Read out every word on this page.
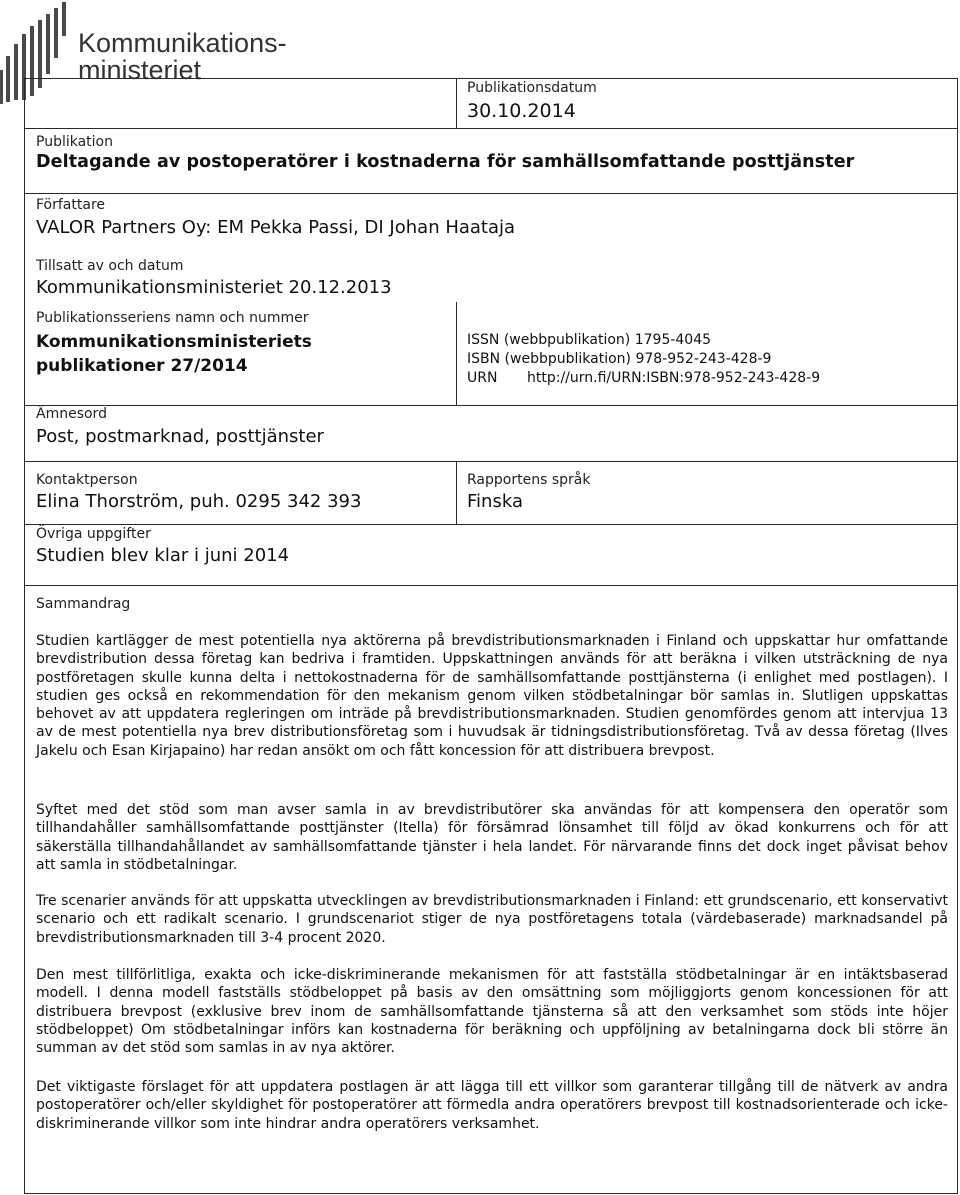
Kommunikations-
ministeriet
Publikationsdatum
30.10.2014
Publikation
Deltagande av postoperatörer i kostnaderna för samhällsomfattande posttjänster
Författare
VALOR Partners Oy: EM Pekka Passi, DI Johan Haataja
Tillsatt av och datum
Kommunikationsministeriet 20.12.2013
Publikationsseriens namn och nummer
Kommunikationsministeriets
publikationer 27/2014
ISSN (webbpublikation) 1795-4045
ISBN (webbpublikation) 978-952-243-428-9
URN http://urn.fi/URN:ISBN:978-952-243-428-9
Ämnesord
Post, postmarknad, posttjänster
Kontaktperson
Elina Thorström, puh. 0295 342 393
Rapportens språk
Finska
Övriga uppgifter
Studien blev klar i juni 2014
Sammandrag

Studien kartlägger de mest potentiella nya aktörerna på brevdistributionsmarknaden i Finland och uppskattar hur omfattande brevdistribution dessa företag kan bedriva i framtiden. Uppskattningen används för att beräkna i vilken utsträckning de nya postföretagen skulle kunna delta i nettokostnaderna för de samhällsomfattande posttjänsterna (i enlighet med postlagen). I studien ges också en rekommendation för den mekanism genom vilken stödbetalningar bör samlas in. Slutligen uppskattas behovet av att uppdatera regleringen om inträde på brevdistributionsmarknaden. Studien genomfördes genom att intervjua 13 av de mest potentiella nya brev distributionsföretag som i huvudsak är tidningsdistributionsföretag. Två av dessa företag (Ilves Jakelu och Esan Kirjapaino) har redan ansökt om och fått koncession för att distribuera brevpost.

Syftet med det stöd som man avser samla in av brevdistributörer ska användas för att kompensera den operatör som tillhandahåller samhällsomfattande posttjänster (Itella) för försämrad lönsamhet till följd av ökad konkurrens och för att säkerställa tillhandahållandet av samhällsomfattande tjänster i hela landet. För närvarande finns det dock inget påvisat behov att samla in stödbetalningar.

Tre scenarier används för att uppskatta utvecklingen av brevdistributionsmarknaden i Finland: ett grundscenario, ett konservativt scenario och ett radikalt scenario. I grundscenariot stiger de nya postföretagens totala (värdebaserade) marknadsandel på brevdistributionsmarknaden till 3-4 procent 2020.

Den mest tillförlitliga, exakta och icke-diskriminerande mekanismen för att fastställa stödbetalningar är en intäktsbaserad modell. I denna modell fastställs stödbeloppet på basis av den omsättning som möjliggjorts genom koncessionen för att distribuera brevpost (exklusive brev inom de samhällsomfattande tjänsterna så att den verksamhet som stöds inte höjer stödbeloppet) Om stödbetalningar införs kan kostnaderna för beräkning och uppföljning av betalningarna dock bli större än summan av det stöd som samlas in av nya aktörer.

Det viktigaste förslaget för att uppdatera postlagen är att lägga till ett villkor som garanterar tillgång till de nätverk av andra postoperatörer och/eller skyldighet för postoperatörer att förmedla andra operatörers brevpost till kostnadsorienterade och icke-diskriminerande villkor som inte hindrar andra operatörers verksamhet.
